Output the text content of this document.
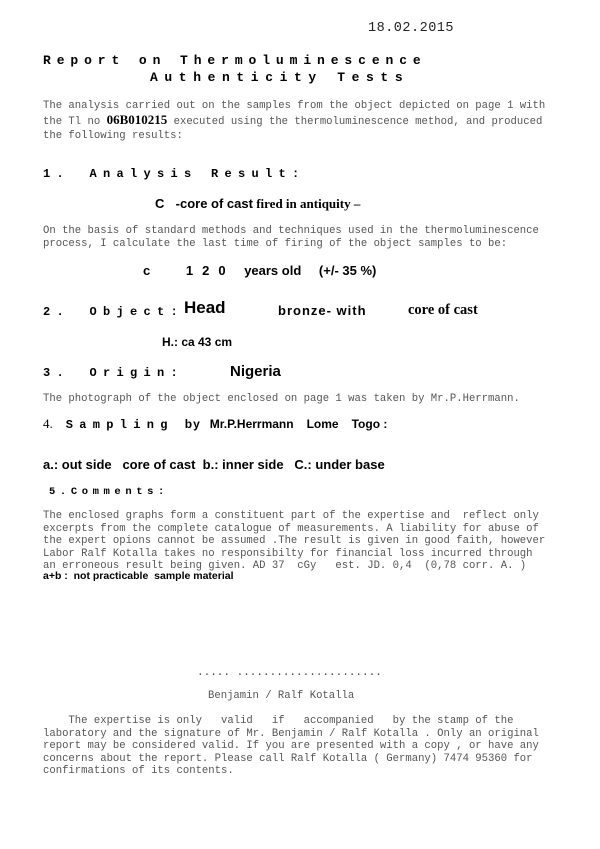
18.02.2015
Report on Thermoluminescence
Authenticity Tests
The analysis carried out on the samples from the object depicted on page 1 with
the Tl no 06B010215 executed using the thermoluminescence method, and produced
the following results:
1. Analysis Result:
C -core of cast fired in antiquity –
On the basis of standard methods and techniques used in the thermoluminescence
process, I calculate the last time of firing of the object samples to be:
c	120 years old (+/- 35 %)
2. Object: Head	bronze- with	core of cast
H.: ca 43 cm
3. Origin:	Nigeria
The photograph of the object enclosed on page 1 was taken by Mr.P.Herrmann.
4. Sampling by Mr.P.Herrmann Lome Togo :
a.: out side   core of cast  b.: inner side   C.: under base
5.Comments:
The enclosed graphs form a constituent part of the expertise and  reflect only
excerpts from the complete catalogue of measurements. A liability for abuse of
the expert opions cannot be assumed .The result is given in good faith, however
Labor Ralf Kotalla takes no responsibilty for financial loss incurred through
an erroneous result being given. AD 37  cGy   est. JD. 0,4  (0,78 corr. A. )
a+b :  not practicable  sample material
..... ......................
Benjamin / Ralf Kotalla
The expertise is only   valid   if   accompanied   by the stamp of the
laboratory and the signature of Mr. Benjamin / Ralf Kotalla . Only an original
report may be considered valid. If you are presented with a copy , or have any
concerns about the report. Please call Ralf Kotalla ( Germany) 7474 95360 for
confirmations of its contents.
